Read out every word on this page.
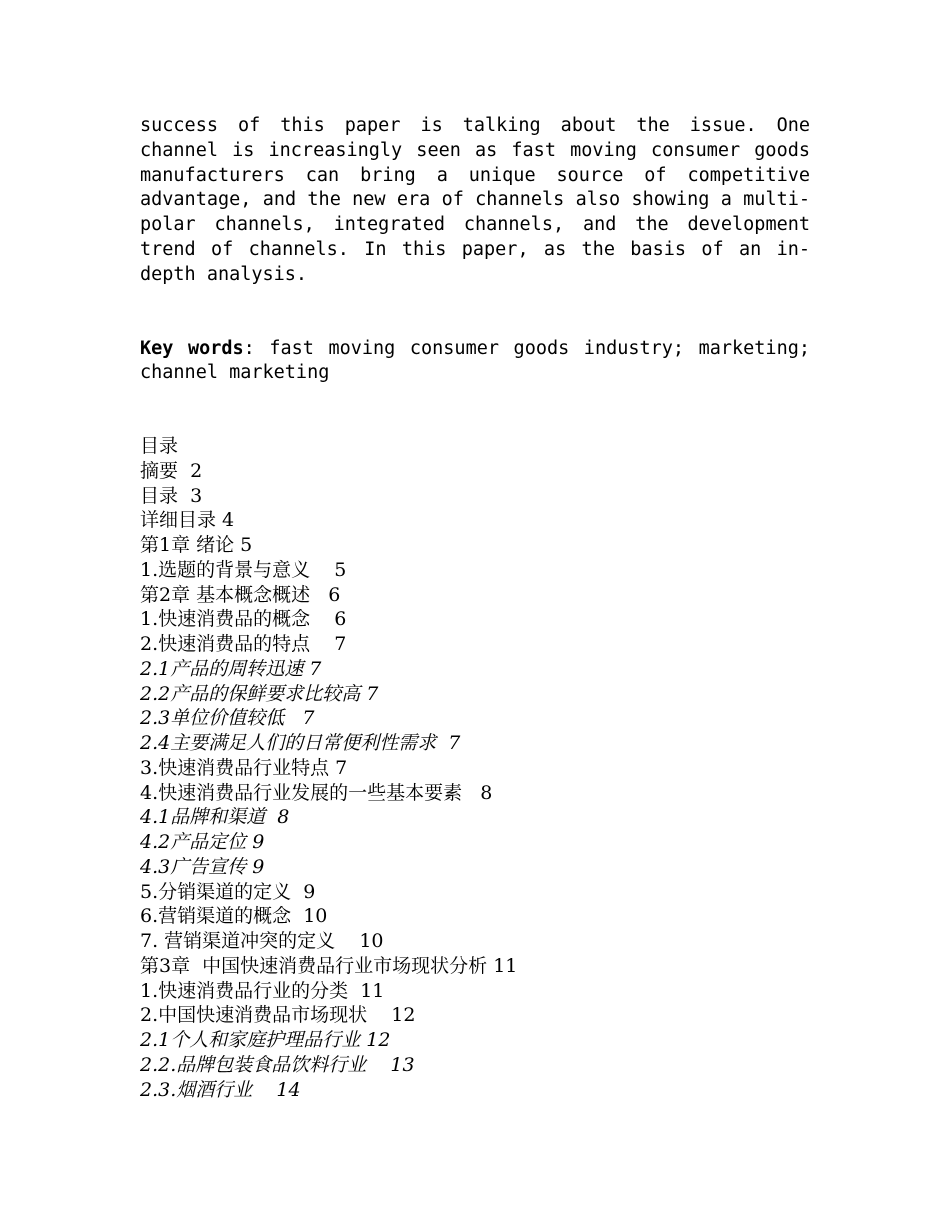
success of this paper is talking about the issue. One channel is increasingly seen as fast moving consumer goods manufacturers can bring a unique source of competitive advantage, and the new era of channels also showing a multi-polar channels, integrated channels, and the development trend of channels. In this paper, as the basis of an in-depth analysis.

Key words: fast moving consumer goods industry; marketing; channel marketing

目录
摘要  2
目录  3
详细目录 4
第1章 绪论 5
1.选题的背景与意义    5
第2章 基本概念概述   6
1.快速消费品的概念    6
2.快速消费品的特点    7
2.1产品的周转迅速 7
2.2产品的保鲜要求比较高 7
2.3单位价值较低   7
2.4主要满足人们的日常便利性需求  7
3.快速消费品行业特点 7
4.快速消费品行业发展的一些基本要素   8
4.1品牌和渠道  8
4.2产品定位 9
4.3广告宣传 9
5.分销渠道的定义  9
6.营销渠道的概念  10
7. 营销渠道冲突的定义    10
第3章  中国快速消费品行业市场现状分析 11
1.快速消费品行业的分类  11
2.中国快速消费品市场现状    12
2.1个人和家庭护理品行业 12
2.2.品牌包装食品饮料行业    13
2.3.烟酒行业    14
